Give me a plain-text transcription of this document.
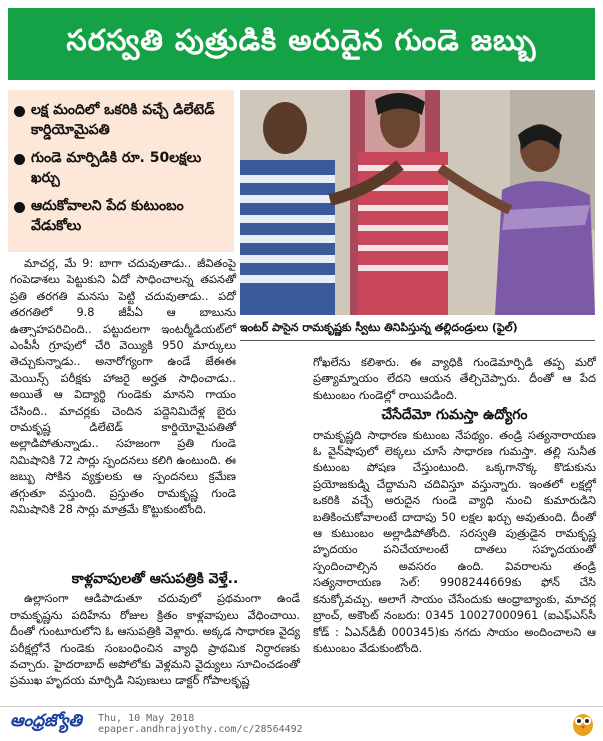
సరస్వతి పుత్రుడికి అరుదైన గుండె జబ్బు
లక్ష మందిలో ఒకరికి వచ్చే డిలేటెడ్ కార్డియోమైపతి
గుండె మార్పిడికి రూ. 50లక్షలు ఖర్చు
ఆదుకోవాలని పేద కుటుంబం వేడుకోలు
ఇంటర్ పాసైన రామకృష్ణకు స్వీటు తినిపిస్తున్న తల్లిదండ్రులు (ఫైల్)

మాచర్ల, మే 9: బాగా చదువుతాడు.. జీవితంపై గంపెడాశలు పెట్టుకుని ఏదో సాధించాలన్న తపనతో ప్రతి తరగతి మనసు పెట్టి చదువుతాడు.. పదో తరగతిలో 9.8 జీపీఏ ఆ బాబును ఉత్సాహపరిచింది.. పట్టుదలగా ఇంటర్మీడియట్‌లో ఎంపీసీ గ్రూపులో చేరి వెయ్యికి 950 మార్కులు తెచ్చుకున్నాడు.. అనారోగ్యంగా ఉండే జేఈఈ మెయిన్స్ పరీక్షకు హాజరై అర్హత సాధించాడు.. అయితే ఆ విద్యార్థి గుండెకు మానని గాయం చేసింది.. మాచర్లకు చెందిన పద్దెనిమిదేళ్ల బైరు రామకృష్ణ డిలేటెడ్ కార్డియోమైపతితో అల్లాడిపోతున్నాడు.. సహజంగా ప్రతి గుండె నిమిషానికి 72 సార్లు స్పందనలు కలిగి ఉంటుంది. ఈ జబ్బు సోకిన వ్యక్తులకు ఆ స్పందనలు క్రమేణ తగ్గుతూ వస్తుంది. ప్రస్తుతం రామకృష్ణ గుండె నిమిషానికి 28 సార్లు మాత్రమే కొట్టుకుంటోంది.

కాళ్లవాపులతో ఆసుపత్రికి వెళ్తే..

ఉల్లాసంగా ఆడిపాడుతూ చదువులో ప్రథమంగా ఉండే రామకృష్ణను పదిహేను రోజుల క్రితం కాళ్లవాపులు వేధించాయి. దీంతో గుంటూరులోని ఓ ఆసుపత్రికి వెళ్లారు. అక్కడ సాధారణ వైద్య పరీక్షల్లోనే గుండెకు సంబంధించిన వ్యాధి ప్రాథమిక నిర్ధారణకు వచ్చారు. హైదరాబాద్ అపోలోకు వెళ్లమని వైద్యులు సూచించడంతో ప్రముఖ హృదయ మార్పిడి నిపుణులు డాక్టర్ గోపాలకృష్ణ

గోఖలేను కలిశారు. ఈ వ్యాధికి గుండెమార్పిడి తప్ప మరో ప్రత్యామ్నాయం లేదని ఆయన తేల్చిచెప్పారు. దీంతో ఆ పేద కుటుంబం గుండెల్లో రాయిపడింది.

చేసేదేమో గుమస్తా ఉద్యోగం

రామకృష్ణది సాధారణ కుటుంబ నేపథ్యం. తండ్రి సత్యనారాయణ ఓ వైన్‌షాపులో లెక్కలు చూసే సాధారణ గుమస్తా. తల్లి సునీత కుటుంబ పోషణ చేస్తుంటుంది. ఒక్కగానొక్క కొడుకును ప్రయోజకుడ్ని చేద్దామని చదివిస్తూ వస్తున్నారు. ఇంతలో లక్షల్లో ఒకరికి వచ్చే అరుదైన గుండె వ్యాధి నుంచి కుమారుడిని బతికించుకోవాలంటే దాదాపు 50 లక్షల ఖర్చు అవుతుంది. దీంతో ఆ కుటుంబం అల్లాడిపోతోంది. సరస్వతి పుత్రుడైన రామకృష్ణ హృదయం పనిచేయాలంటే దాతలు సహృదయంతో స్పందించాల్సిన అవసరం ఉంది. వివరాలను తండ్రి సత్యనారాయణ సెల్: 9908244669కు ఫోన్ చేసి కనుక్కోవచ్చు. అలాగే సాయం చేసేందుకు ఆంధ్రాబ్యాంకు, మాచర్ల బ్రాంచ్, అకౌంట్ నంబరు: 0345 10027000961 (ఐఎఫ్‌ఎస్‌సీ కోడ్ : ఏఎన్‌డీబీ 000345)కు నగదు సాయం అందించాలని ఆ కుటుంబం వేడుకుంటోంది.

ఆంధ్రజ్యోతి Thu, 10 May 2018
epaper.andhrajyothy.com/c/28564492
